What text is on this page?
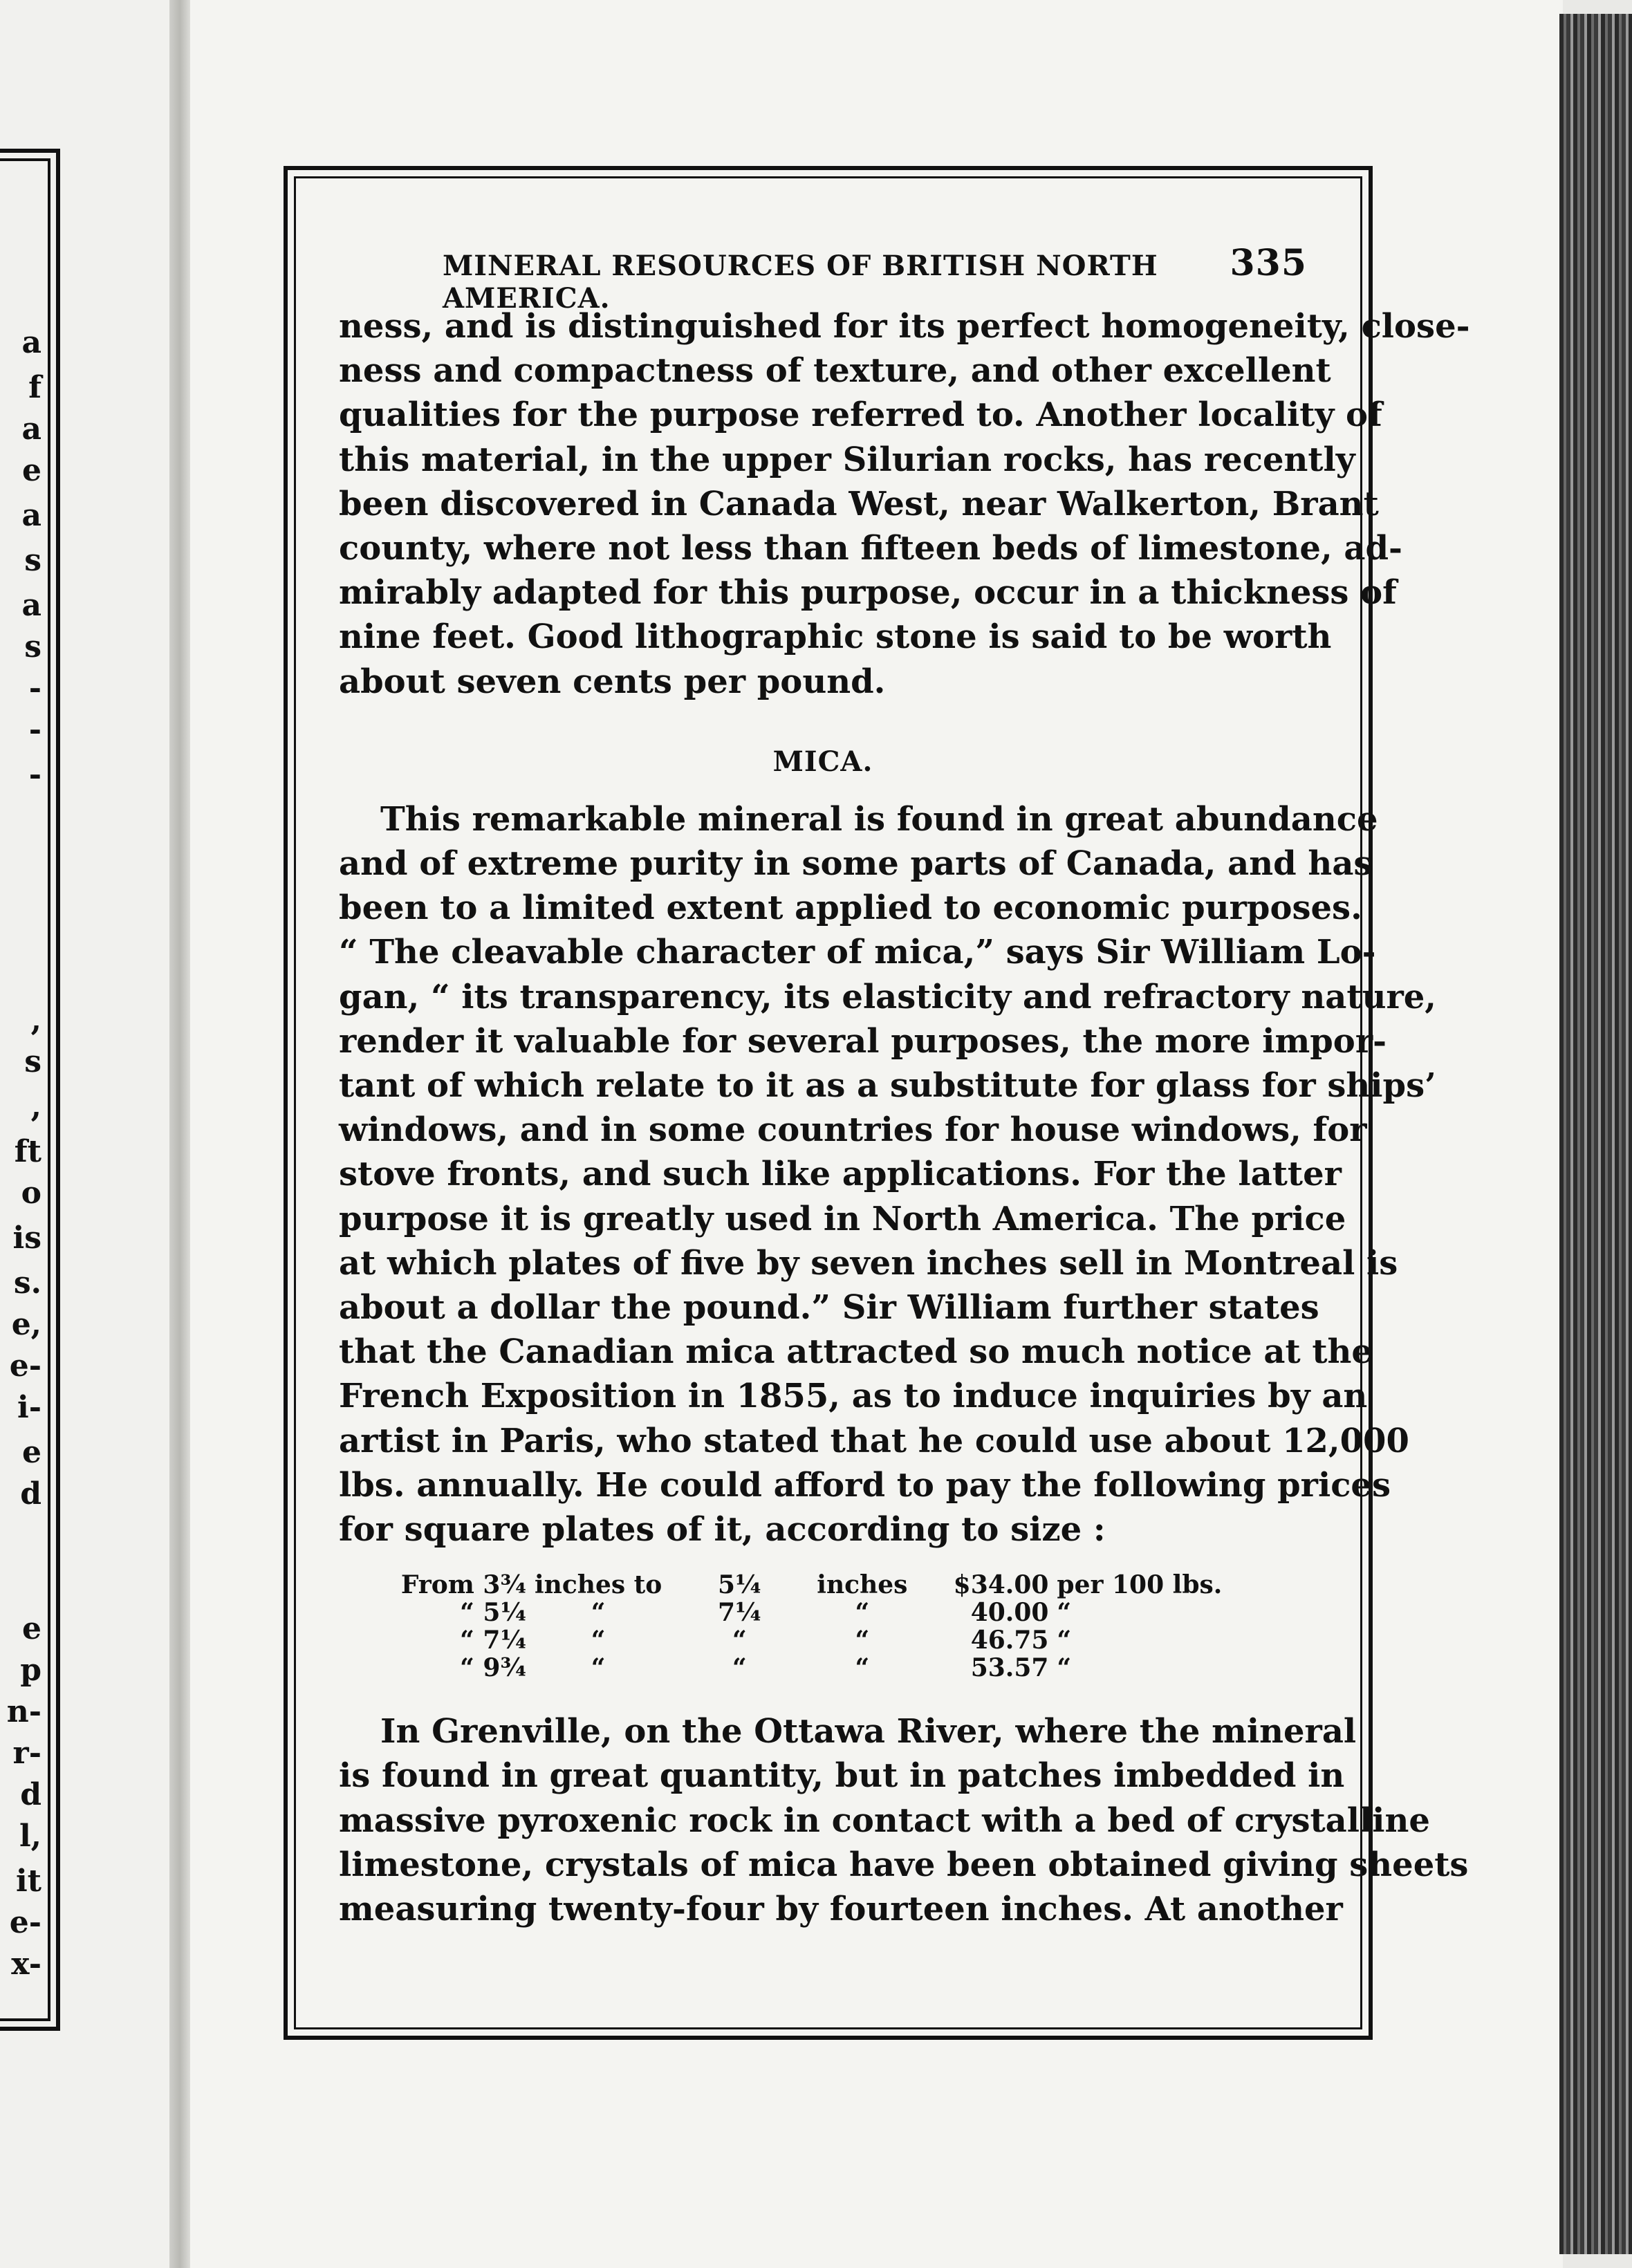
a
f
a
e
a
s
a
s
-
-
-
,
s
,
ft
o
is
s.
e,
e-
i-
e
d
e
p
n-
r-
d
l,
it
e-
x-
MINERAL RESOURCES OF BRITISH NORTH AMERICA.
335

ness, and is distinguished for its perfect homogeneity, close-
ness and compactness of texture, and other excellent
qualities for the purpose referred to. Another locality of
this material, in the upper Silurian rocks, has recently
been discovered in Canada West, near Walkerton, Brant
county, where not less than fifteen beds of limestone, ad-
mirably adapted for this purpose, occur in a thickness of
nine feet. Good lithographic stone is said to be worth
about seven cents per pound.

MICA.

This remarkable mineral is found in great abundance
and of extreme purity in some parts of Canada, and has
been to a limited extent applied to economic purposes.
“ The cleavable character of mica,” says Sir William Lo-
gan, “ its transparency, its elasticity and refractory nature,
render it valuable for several purposes, the more impor-
tant of which relate to it as a substitute for glass for ships’
windows, and in some countries for house windows, for
stove fronts, and such like applications. For the latter
purpose it is greatly used in North America. The price
at which plates of five by seven inches sell in Montreal is
about a dollar the pound.” Sir William further states
that the Canadian mica attracted so much notice at the
French Exposition in 1855, as to induce inquiries by an
artist in Paris, who stated that he could use about 12,000
lbs. annually. He could afford to pay the following prices
for square plates of it, according to size :

From 3¾	inches to	5¼	inches		$34.00	per 100 lbs.
“ 5¼	“	7¼	“		40.00	“
“ 7¼	“	“	“		46.75	“
“ 9¾	“	“	“		53.57	“

In Grenville, on the Ottawa River, where the mineral
is found in great quantity, but in patches imbedded in
massive pyroxenic rock in contact with a bed of crystalline
limestone, crystals of mica have been obtained giving sheets
measuring twenty-four by fourteen inches. At another
